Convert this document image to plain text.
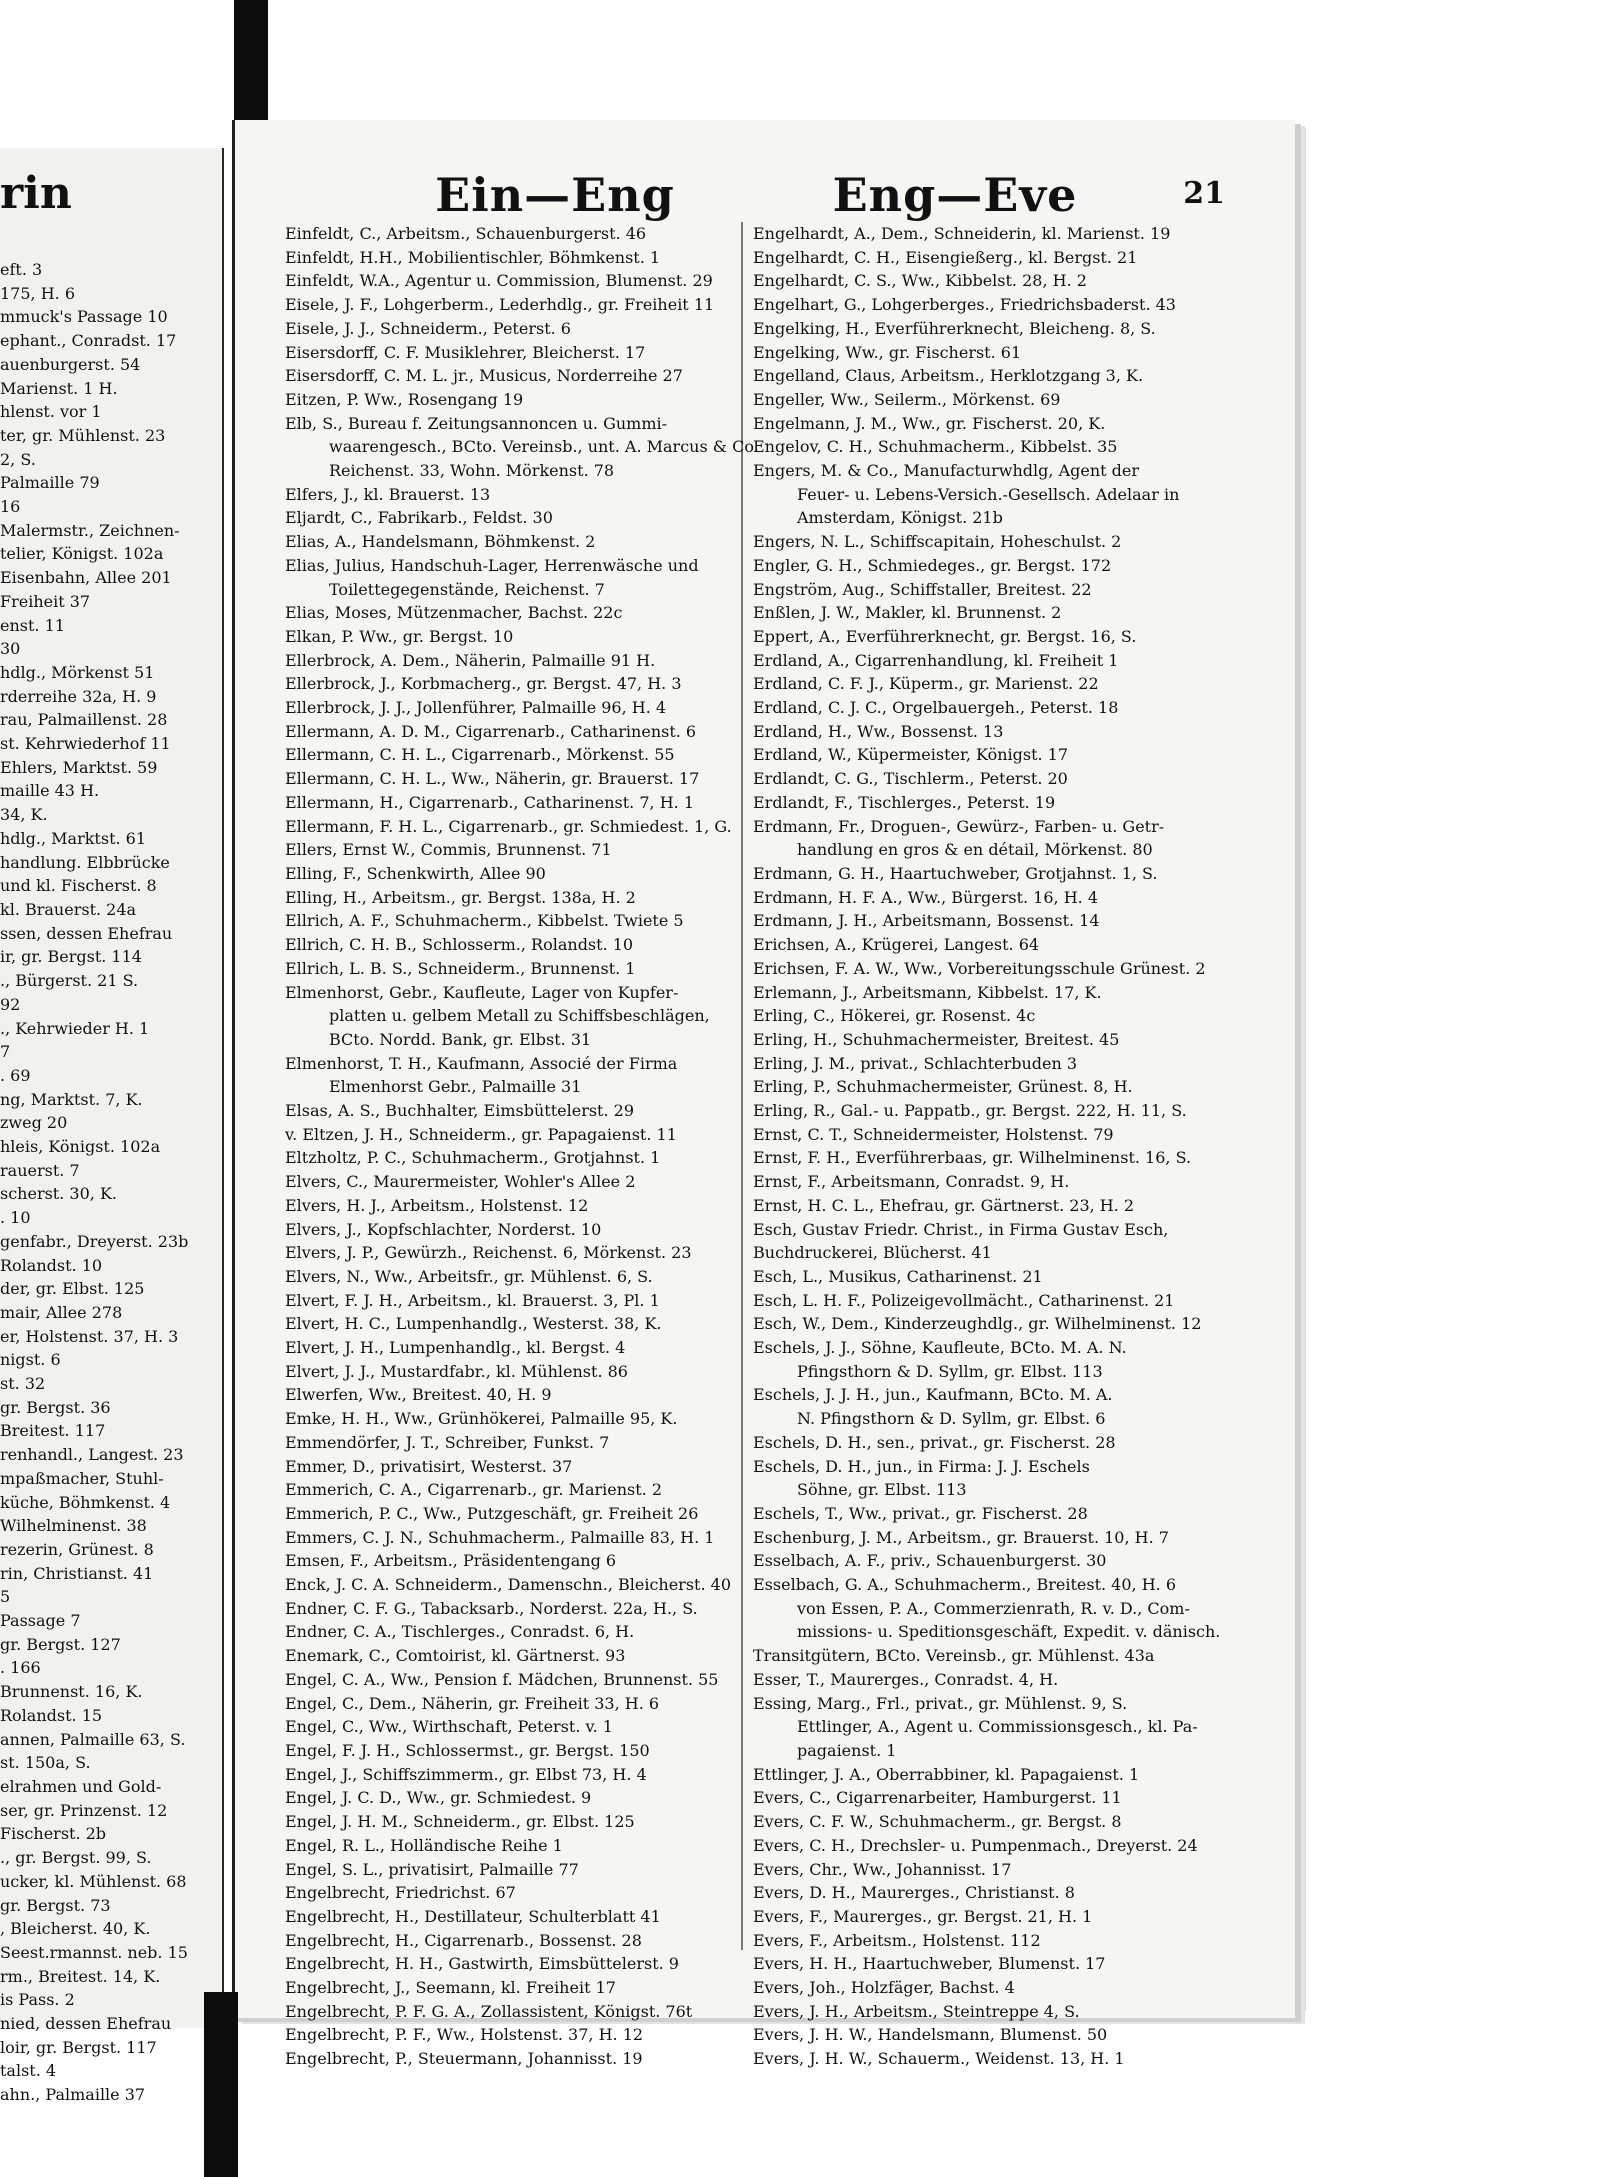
rin
eft. 3
175, H. 6
mmuck's Passage 10
ephant., Conradst. 17
auenburgerst. 54
Marienst. 1 H.
hlenst. vor 1
ter, gr. Mühlenst. 23
2, S.
Palmaille 79
16
Malermstr., Zeichnen-
telier, Königst. 102a
Eisenbahn, Allee 201
Freiheit 37
enst. 11
30
hdlg., Mörkenst 51
rderreihe 32a, H. 9
rau, Palmaillenst. 28
st. Kehrwiederhof 11
Ehlers, Marktst. 59
maille 43 H.
34, K.
hdlg., Marktst. 61
handlung. Elbbrücke
und kl. Fischerst. 8
kl. Brauerst. 24a
ssen, dessen Ehefrau
ir, gr. Bergst. 114
., Bürgerst. 21 S.
92
., Kehrwieder H. 1
7
. 69
ng, Marktst. 7, K.
zweg 20
hleis, Königst. 102a
rauerst. 7
scherst. 30, K.
. 10
genfabr., Dreyerst. 23b
Rolandst. 10
der, gr. Elbst. 125
mair, Allee 278
er, Holstenst. 37, H. 3
nigst. 6
st. 32
gr. Bergst. 36
Breitest. 117
renhandl., Langest. 23
mpaßmacher, Stuhl-
küche, Böhmkenst. 4
Wilhelminenst. 38
rezerin, Grünest. 8
rin, Christianst. 41
5
Passage 7
gr. Bergst. 127
. 166
Brunnenst. 16, K.
Rolandst. 15
annen, Palmaille 63, S.
st. 150a, S.
elrahmen und Gold-
ser, gr. Prinzenst. 12
Fischerst. 2b
., gr. Bergst. 99, S.
ucker, kl. Mühlenst. 68
gr. Bergst. 73
, Bleicherst. 40, K.
Seest.rmannst. neb. 15
rm., Breitest. 14, K.
is Pass. 2
nied, dessen Ehefrau
loir, gr. Bergst. 117
talst. 4
ahn., Palmaille 37
Ein—Eng	Eng—Eve	21
Einfeldt, C., Arbeitsm., Schauenburgerst. 46
Einfeldt, H.H., Mobilientischler, Böhmkenst. 1
Einfeldt, W.A., Agentur u. Commission, Blumenst. 29
Eisele, J. F., Lohgerberm., Lederhdlg., gr. Freiheit 11
Eisele, J. J., Schneiderm., Peterst. 6
Eisersdorff, C. F. Musiklehrer, Bleicherst. 17
Eisersdorff, C. M. L. jr., Musicus, Norderreihe 27
Eitzen, P. Ww., Rosengang 19
Elb, S., Bureau f. Zeitungsannoncen u. Gummi-
waarengesch., BCto. Vereinsb., unt. A. Marcus & Co.
Reichenst. 33, Wohn. Mörkenst. 78
Elfers, J., kl. Brauerst. 13
Eljardt, C., Fabrikarb., Feldst. 30
Elias, A., Handelsmann, Böhmkenst. 2
Elias, Julius, Handschuh-Lager, Herrenwäsche und
Toilettegegenstände, Reichenst. 7
Elias, Moses, Mützenmacher, Bachst. 22c
Elkan, P. Ww., gr. Bergst. 10
Ellerbrock, A. Dem., Näherin, Palmaille 91 H.
Ellerbrock, J., Korbmacherg., gr. Bergst. 47, H. 3
Ellerbrock, J. J., Jollenführer, Palmaille 96, H. 4
Ellermann, A. D. M., Cigarrenarb., Catharinenst. 6
Ellermann, C. H. L., Cigarrenarb., Mörkenst. 55
Ellermann, C. H. L., Ww., Näherin, gr. Brauerst. 17
Ellermann, H., Cigarrenarb., Catharinenst. 7, H. 1
Ellermann, F. H. L., Cigarrenarb., gr. Schmiedest. 1, G.
Ellers, Ernst W., Commis, Brunnenst. 71
Elling, F., Schenkwirth, Allee 90
Elling, H., Arbeitsm., gr. Bergst. 138a, H. 2
Ellrich, A. F., Schuhmacherm., Kibbelst. Twiete 5
Ellrich, C. H. B., Schlosserm., Rolandst. 10
Ellrich, L. B. S., Schneiderm., Brunnenst. 1
Elmenhorst, Gebr., Kaufleute, Lager von Kupfer-
platten u. gelbem Metall zu Schiffsbeschlägen,
BCto. Nordd. Bank, gr. Elbst. 31
Elmenhorst, T. H., Kaufmann, Associé der Firma
Elmenhorst Gebr., Palmaille 31
Elsas, A. S., Buchhalter, Eimsbüttelerst. 29
v. Eltzen, J. H., Schneiderm., gr. Papagaienst. 11
Eltzholtz, P. C., Schuhmacherm., Grotjahnst. 1
Elvers, C., Maurermeister, Wohler's Allee 2
Elvers, H. J., Arbeitsm., Holstenst. 12
Elvers, J., Kopfschlachter, Norderst. 10
Elvers, J. P., Gewürzh., Reichenst. 6, Mörkenst. 23
Elvers, N., Ww., Arbeitsfr., gr. Mühlenst. 6, S.
Elvert, F. J. H., Arbeitsm., kl. Brauerst. 3, Pl. 1
Elvert, H. C., Lumpenhandlg., Westerst. 38, K.
Elvert, J. H., Lumpenhandlg., kl. Bergst. 4
Elvert, J. J., Mustardfabr., kl. Mühlenst. 86
Elwerfen, Ww., Breitest. 40, H. 9
Emke, H. H., Ww., Grünhökerei, Palmaille 95, K.
Emmendörfer, J. T., Schreiber, Funkst. 7
Emmer, D., privatisirt, Westerst. 37
Emmerich, C. A., Cigarrenarb., gr. Marienst. 2
Emmerich, P. C., Ww., Putzgeschäft, gr. Freiheit 26
Emmers, C. J. N., Schuhmacherm., Palmaille 83, H. 1
Emsen, F., Arbeitsm., Präsidentengang 6
Enck, J. C. A. Schneiderm., Damenschn., Bleicherst. 40
Endner, C. F. G., Tabacksarb., Norderst. 22a, H., S.
Endner, C. A., Tischlerges., Conradst. 6, H.
Enemark, C., Comtoirist, kl. Gärtnerst. 93
Engel, C. A., Ww., Pension f. Mädchen, Brunnenst. 55
Engel, C., Dem., Näherin, gr. Freiheit 33, H. 6
Engel, C., Ww., Wirthschaft, Peterst. v. 1
Engel, F. J. H., Schlossermst., gr. Bergst. 150
Engel, J., Schiffszimmerm., gr. Elbst 73, H. 4
Engel, J. C. D., Ww., gr. Schmiedest. 9
Engel, J. H. M., Schneiderm., gr. Elbst. 125
Engel, R. L., Holländische Reihe 1
Engel, S. L., privatisirt, Palmaille 77
Engelbrecht, Friedrichst. 67
Engelbrecht, H., Destillateur, Schulterblatt 41
Engelbrecht, H., Cigarrenarb., Bossenst. 28
Engelbrecht, H. H., Gastwirth, Eimsbüttelerst. 9
Engelbrecht, J., Seemann, kl. Freiheit 17
Engelbrecht, P. F. G. A., Zollassistent, Königst. 76t
Engelbrecht, P. F., Ww., Holstenst. 37, H. 12
Engelbrecht, P., Steuermann, Johannisst. 19
Engelhardt, A., Dem., Schneiderin, kl. Marienst. 19
Engelhardt, C. H., Eisengießerg., kl. Bergst. 21
Engelhardt, C. S., Ww., Kibbelst. 28, H. 2
Engelhart, G., Lohgerberges., Friedrichsbaderst. 43
Engelking, H., Everführerknecht, Bleicheng. 8, S.
Engelking, Ww., gr. Fischerst. 61
Engelland, Claus, Arbeitsm., Herklotzgang 3, K.
Engeller, Ww., Seilerm., Mörkenst. 69
Engelmann, J. M., Ww., gr. Fischerst. 20, K.
Engelov, C. H., Schuhmacherm., Kibbelst. 35
Engers, M. & Co., Manufacturwhdlg, Agent der
Feuer- u. Lebens-Versich.-Gesellsch. Adelaar in
Amsterdam, Königst. 21b
Engers, N. L., Schiffscapitain, Hoheschulst. 2
Engler, G. H., Schmiedeges., gr. Bergst. 172
Engström, Aug., Schiffstaller, Breitest. 22
Enßlen, J. W., Makler, kl. Brunnenst. 2
Eppert, A., Everführerknecht, gr. Bergst. 16, S.
Erdland, A., Cigarrenhandlung, kl. Freiheit 1
Erdland, C. F. J., Küperm., gr. Marienst. 22
Erdland, C. J. C., Orgelbauergeh., Peterst. 18
Erdland, H., Ww., Bossenst. 13
Erdland, W., Küpermeister, Königst. 17
Erdlandt, C. G., Tischlerm., Peterst. 20
Erdlandt, F., Tischlerges., Peterst. 19
Erdmann, Fr., Droguen-, Gewürz-, Farben- u. Getr-
handlung en gros & en détail, Mörkenst. 80
Erdmann, G. H., Haartuchweber, Grotjahnst. 1, S.
Erdmann, H. F. A., Ww., Bürgerst. 16, H. 4
Erdmann, J. H., Arbeitsmann, Bossenst. 14
Erichsen, A., Krügerei, Langest. 64
Erichsen, F. A. W., Ww., Vorbereitungsschule Grünest. 2
Erlemann, J., Arbeitsmann, Kibbelst. 17, K.
Erling, C., Hökerei, gr. Rosenst. 4c
Erling, H., Schuhmachermeister, Breitest. 45
Erling, J. M., privat., Schlachterbuden 3
Erling, P., Schuhmachermeister, Grünest. 8, H.
Erling, R., Gal.- u. Pappatb., gr. Bergst. 222, H. 11, S.
Ernst, C. T., Schneidermeister, Holstenst. 79
Ernst, F. H., Everführerbaas, gr. Wilhelminenst. 16, S.
Ernst, F., Arbeitsmann, Conradst. 9, H.
Ernst, H. C. L., Ehefrau, gr. Gärtnerst. 23, H. 2
Esch, Gustav Friedr. Christ., in Firma Gustav Esch,
Buchdruckerei, Blücherst. 41
Esch, L., Musikus, Catharinenst. 21
Esch, L. H. F., Polizeigevollmächt., Catharinenst. 21
Esch, W., Dem., Kinderzeughdlg., gr. Wilhelminenst. 12
Eschels, J. J., Söhne, Kaufleute, BCto. M. A. N.
Pfingsthorn & D. Syllm, gr. Elbst. 113
Eschels, J. J. H., jun., Kaufmann, BCto. M. A.
N. Pfingsthorn & D. Syllm, gr. Elbst. 6
Eschels, D. H., sen., privat., gr. Fischerst. 28
Eschels, D. H., jun., in Firma: J. J. Eschels
Söhne, gr. Elbst. 113
Eschels, T., Ww., privat., gr. Fischerst. 28
Eschenburg, J. M., Arbeitsm., gr. Brauerst. 10, H. 7
Esselbach, A. F., priv., Schauenburgerst. 30
Esselbach, G. A., Schuhmacherm., Breitest. 40, H. 6
von Essen, P. A., Commerzienrath, R. v. D., Com-
missions- u. Speditionsgeschäft, Expedit. v. dänisch.
Transitgütern, BCto. Vereinsb., gr. Mühlenst. 43a
Esser, T., Maurerges., Conradst. 4, H.
Essing, Marg., Frl., privat., gr. Mühlenst. 9, S.
Ettlinger, A., Agent u. Commissionsgesch., kl. Pa-
pagaienst. 1
Ettlinger, J. A., Oberrabbiner, kl. Papagaienst. 1
Evers, C., Cigarrenarbeiter, Hamburgerst. 11
Evers, C. F. W., Schuhmacherm., gr. Bergst. 8
Evers, C. H., Drechsler- u. Pumpenmach., Dreyerst. 24
Evers, Chr., Ww., Johannisst. 17
Evers, D. H., Maurerges., Christianst. 8
Evers, F., Maurerges., gr. Bergst. 21, H. 1
Evers, F., Arbeitsm., Holstenst. 112
Evers, H. H., Haartuchweber, Blumenst. 17
Evers, Joh., Holzfäger, Bachst. 4
Evers, J. H., Arbeitsm., Steintreppe 4, S.
Evers, J. H. W., Handelsmann, Blumenst. 50
Evers, J. H. W., Schauerm., Weidenst. 13, H. 1
